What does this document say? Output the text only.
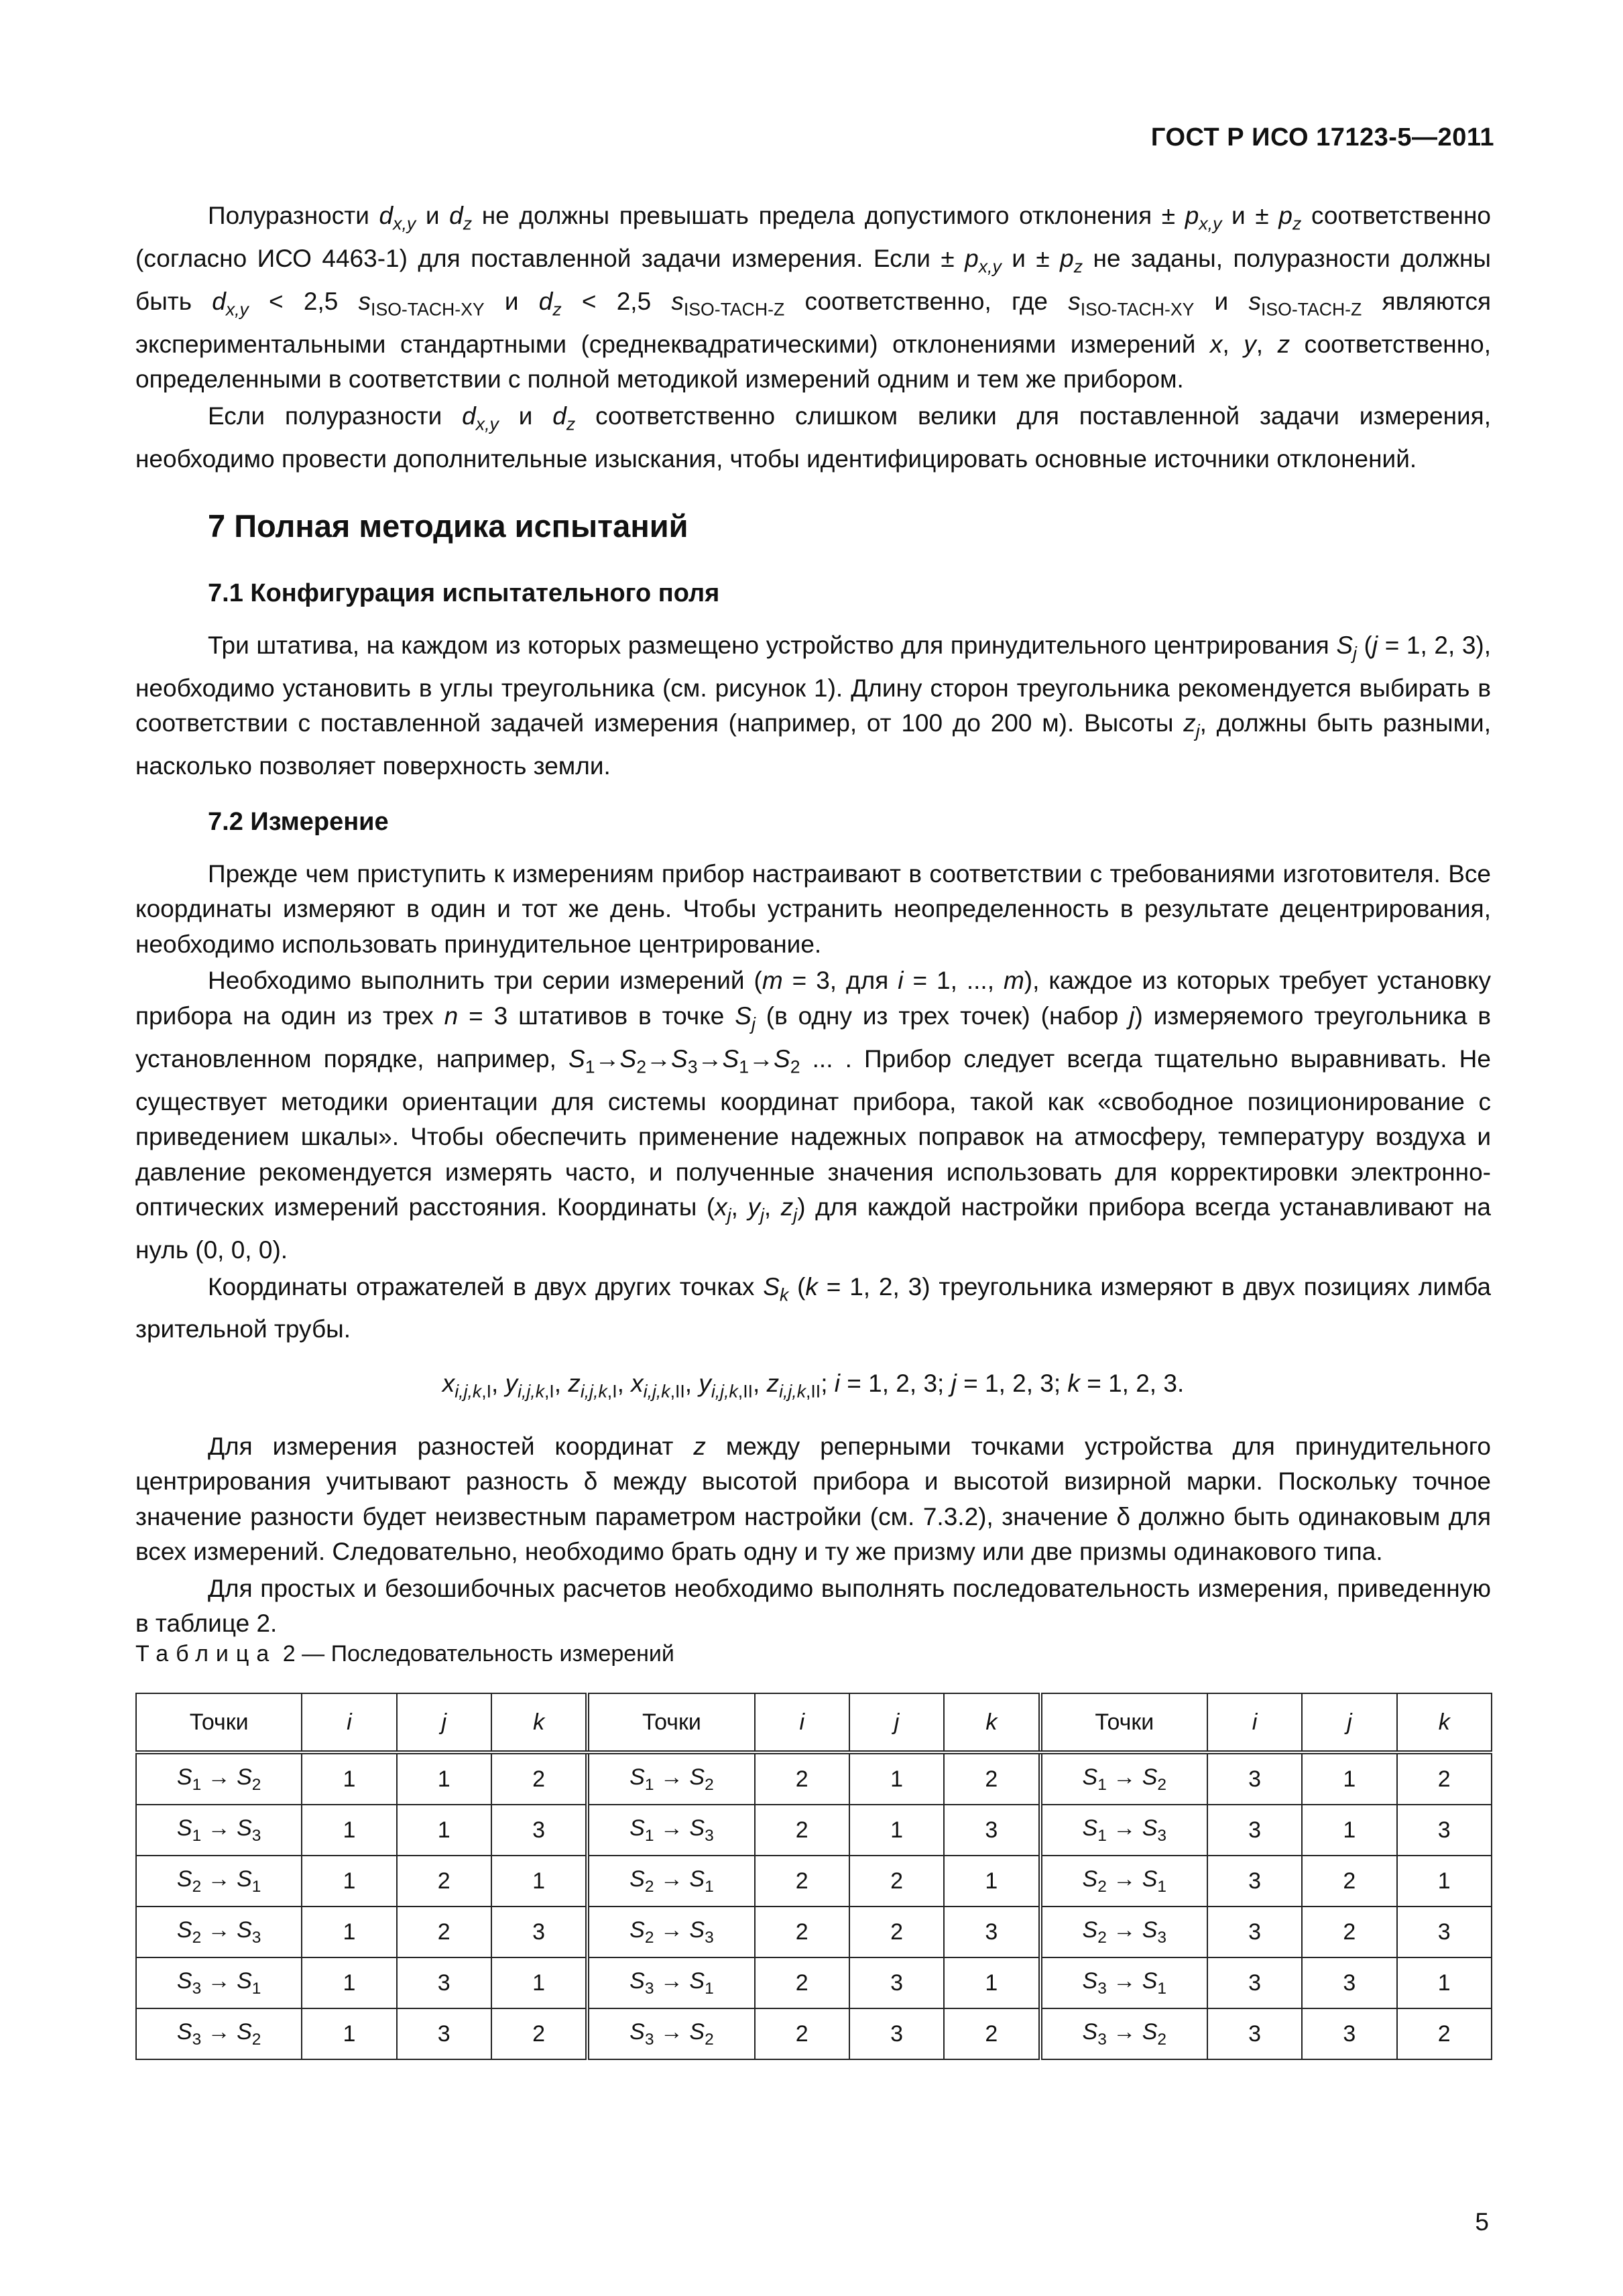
ГОСТ Р ИСО 17123-5—2011

Полуразности $d_{x,y}$ и $d_z$ не должны превышать предела допустимого отклонения ± $p_{x,y}$ $и \pm p_z$ соответственно (согласно ИСО 4463-1) для поставленной задачи измерения. Если ± $p_{x,y}$ $и \pm p_z$ не заданы, полуразности должны быть $d_{x,y} < 2,5$ $s_{ISO-TACH-XY}$ и $d_z < 2,5$ $s_{ISO-TACH-Z}$ соответственно, где $s_{ISO-TACH-XY}$ и $s_{ISO-TACH-Z}$ являются экспериментальными стандартными (среднеквадратическими) отклонениями измерений x, y, z соответственно, определенными в соответствии с полной методикой измерений одним и тем же прибором.

Если полуразности $d_{x,y}$ и $d_z$ соответственно слишком велики для поставленной задачи измерения, необходимо провести дополнительные изыскания, чтобы идентифицировать основные источники отклонений.

7 Полная методика испытаний
7.1 Конфигурация испытательного поля

Три штатива, на каждом из которых размещено устройство для принудительного центрирования $S_j$ (j = 1, 2, 3), необходимо установить в углы треугольника (см. рисунок 1). Длину сторон треугольника рекомендуется выбирать в соответствии с поставленной задачей измерения (например, от 100 до 200 м). Высоты $z_j$, должны быть разными, насколько позволяет поверхность земли.

7.2 Измерение

Прежде чем приступить к измерениям прибор настраивают в соответствии с требованиями изготовителя. Все координаты измеряют в один и тот же день. Чтобы устранить неопределенность в результате децентрирования, необходимо использовать принудительное центрирование.

Необходимо выполнить три серии измерений (m = 3, для i = 1, ..., m), каждое из которых требует установку прибора на один из трех n = 3 штативов в точке $S_j$ (в одну из трех точек) (набор j) измеряемого треугольника в установленном порядке, например, $S_1\to S_2\to S_3\to S_1\to S_2$ ... . Прибор следует всегда тщательно выравнивать. Не существует методики ориентации для системы координат прибора, такой как «свободное позиционирование с приведением шкалы». Чтобы обеспечить применение надежных поправок на атмосферу, температуру воздуха и давление рекомендуется измерять часто, и полученные значения использовать для корректировки электронно-оптических измерений расстояния. Координаты ($x_j$, $y_j$, $z_j$) для каждой настройки прибора всегда устанавливают на нуль (0, 0, 0).

Координаты отражателей в двух других точках $S_k$ (k = 1, 2, 3) треугольника измеряют в двух позициях лимба зрительной трубы.

$x_{i,j,k,I}$, $y_{i,j,k,I}$, $z_{i,j,k,I}$, $x_{i,j,k,II}$, $y_{i,j,k,II}$, $z_{i,j,k,II}$; i = 1, 2, 3; j = 1, 2, 3; k = 1, 2, 3.

Для измерения разностей координат z между реперными точками устройства для принудительного центрирования учитывают разность δ между высотой прибора и высотой визирной марки. Поскольку точное значение разности будет неизвестным параметром настройки (см. 7.3.2), значение δ должно быть одинаковым для всех измерений. Следовательно, необходимо брать одну и ту же призму или две призмы одинакового типа.

Для простых и безошибочных расчетов необходимо выполнять последовательность измерения, приведенную в таблице 2.

Таблица 2 — Последовательность измерений
Точки	i	j	k	Точки	i	j	k	Точки	i	j	k
$S_1 \to S_2$	1	1	2	$S_1 \to S_2$	2	1	2	$S_1 \to S_2$	3	1	2
$S_1 \to S_3$	1	1	3	$S_1 \to S_3$	2	1	3	$S_1 \to S_3$	3	1	3
$S_2 \to S_1$	1	2	1	$S_2 \to S_1$	2	2	1	$S_2 \to S_1$	3	2	1
$S_2 \to S_3$	1	2	3	$S_2 \to S_3$	2	2	3	$S_2 \to S_3$	3	2	3
$S_3 \to S_1$	1	3	1	$S_3 \to S_1$	2	3	1	$S_3 \to S_1$	3	3	1
$S_3 \to S_2$	1	3	2	$S_3 \to S_2$	2	3	2	$S_3 \to S_2$	3	3	2
5
